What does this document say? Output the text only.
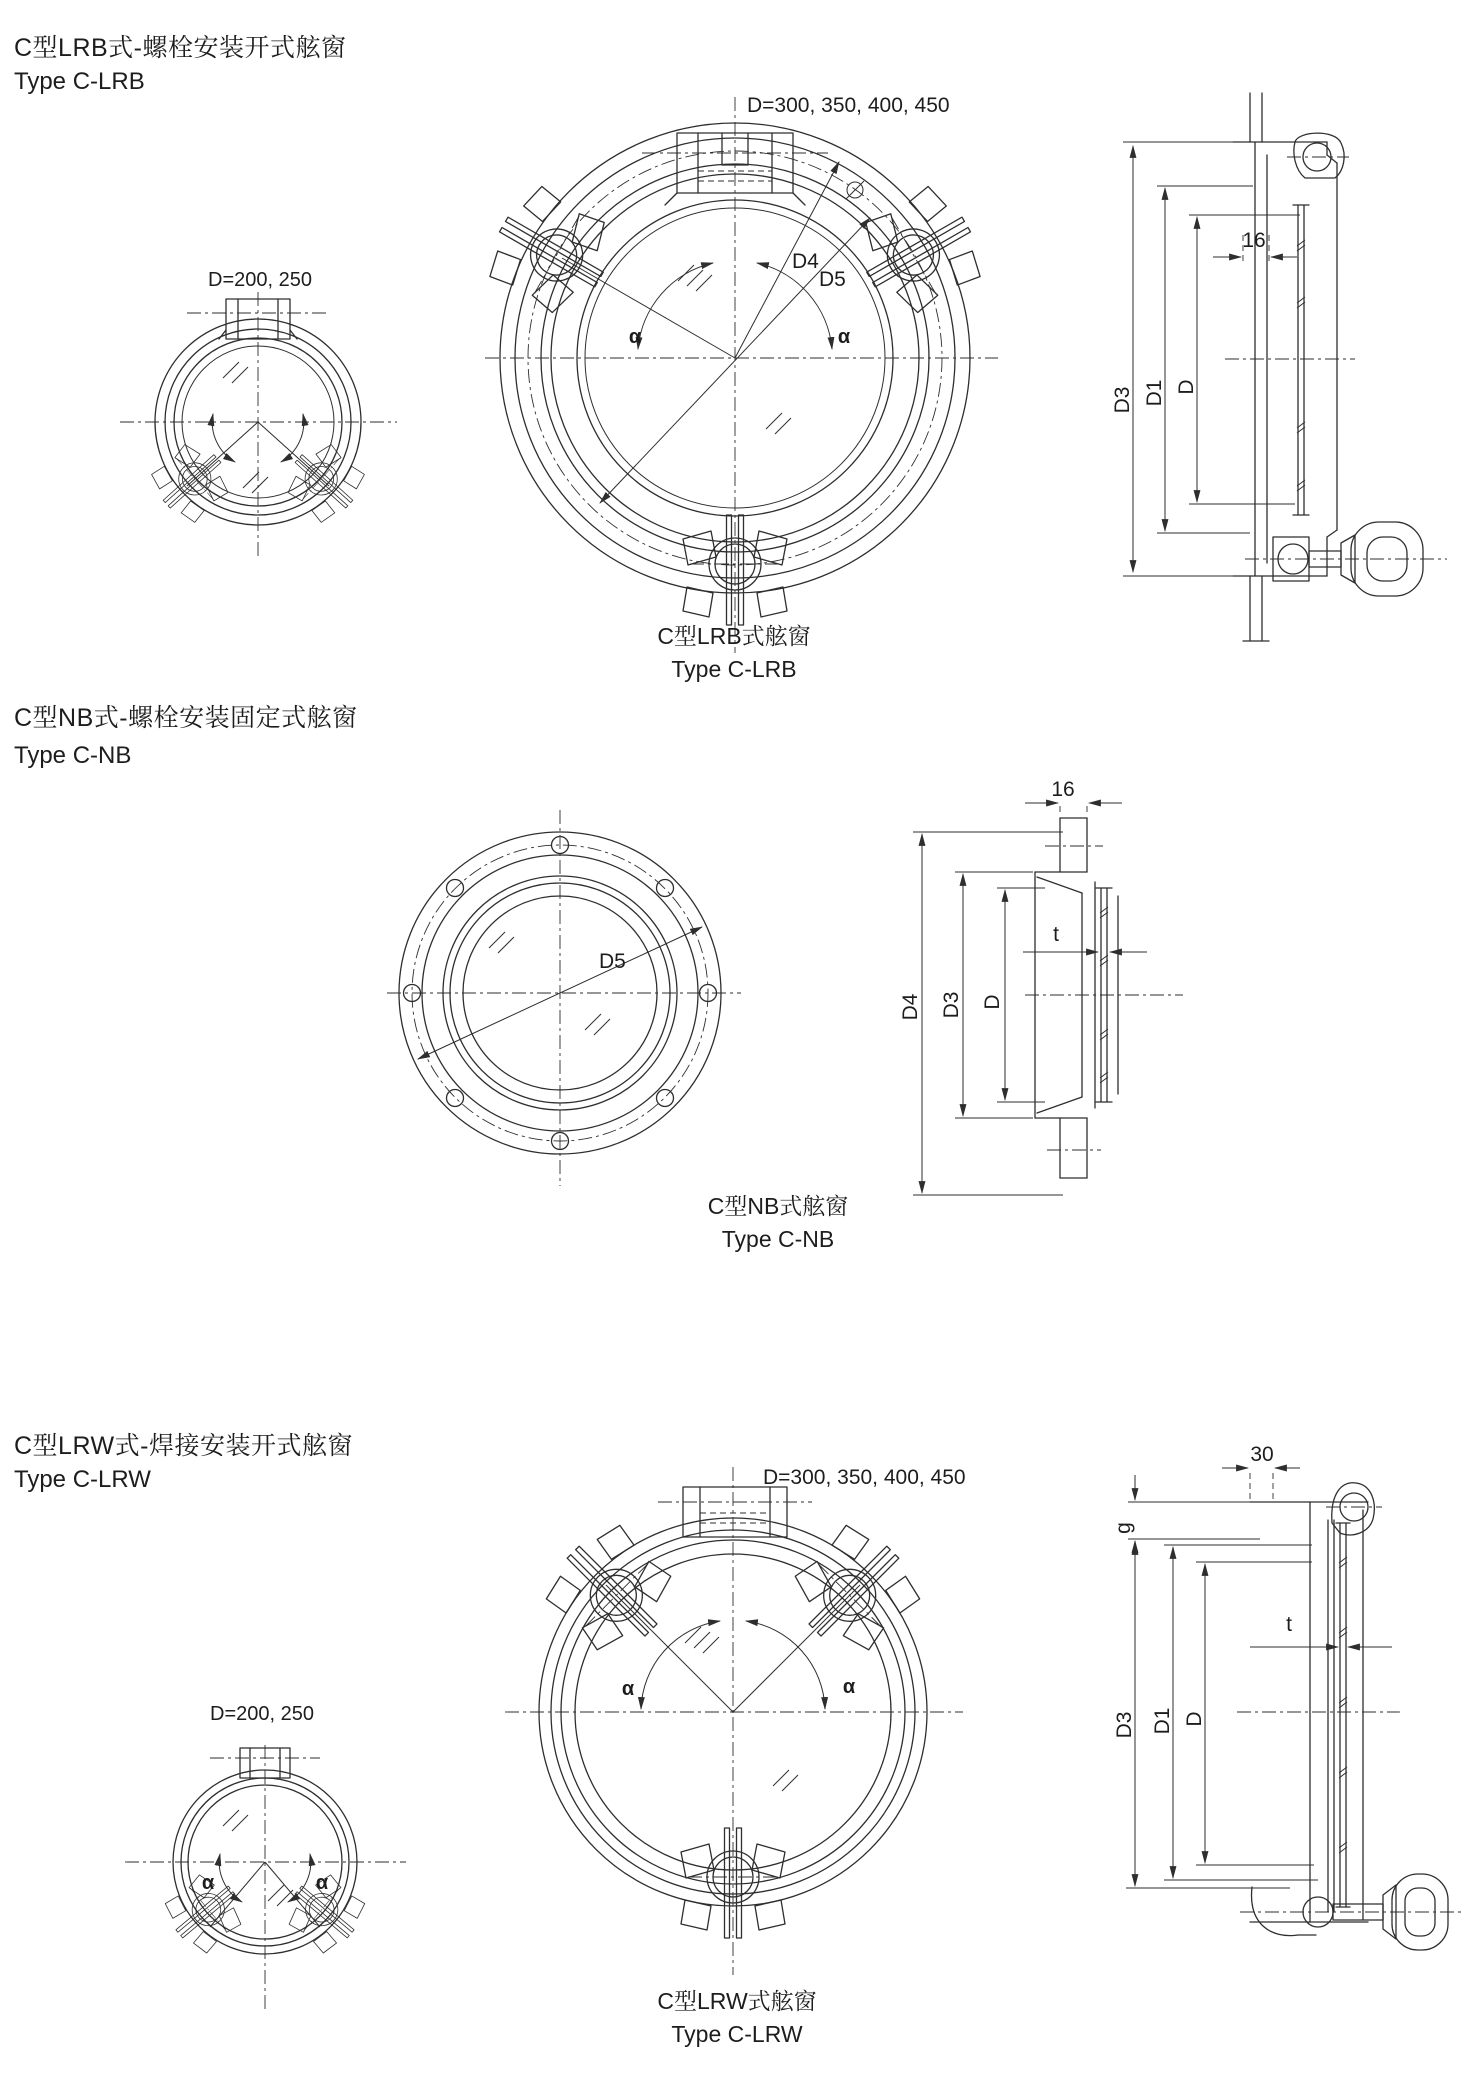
C型LRB式-螺栓安装开式舷窗
Type C-LRB
D=200, 250
D=300, 350, 400, 450
D4
D5
α	α
16
D3 D1 D
C型LRB式舷窗
Type C-LRB
C型NB式-螺栓安装固定式舷窗
Type C-NB
D5
16
t
D4 D3 D
C型NB式舷窗
Type C-NB
C型LRW式-焊接安装开式舷窗
Type C-LRW	D=300, 350, 400, 450
α	α
D=200, 250
α	α
30
g
t
D3 D1 D
C型LRW式舷窗
Type C-LRW
